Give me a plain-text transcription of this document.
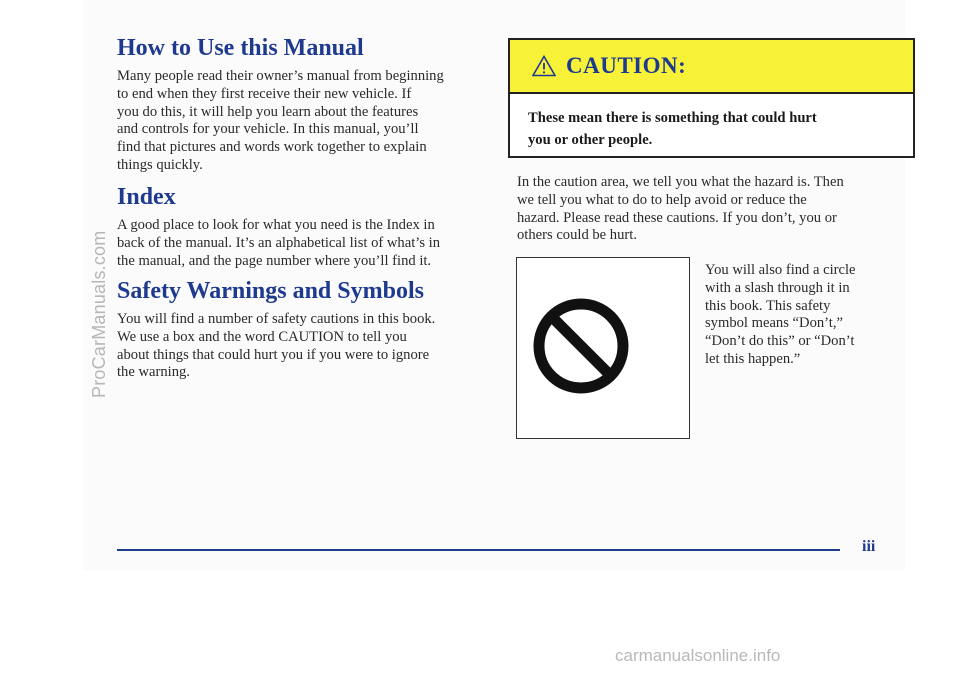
How to Use this Manual
Many people read their owner’s manual from beginning
to end when they first receive their new vehicle. If
you do this, it will help you learn about the features
and controls for your vehicle. In this manual, you’ll
find that pictures and words work together to explain
things quickly.
Index
A good place to look for what you need is the Index in
back of the manual. It’s an alphabetical list of what’s in
the manual, and the page number where you’ll find it.
Safety Warnings and Symbols
You will find a number of safety cautions in this book.
We use a box and the word CAUTION to tell you
about things that could hurt you if you were to ignore
the warning.
CAUTION:
These mean there is something that could hurt
you or other people.
In the caution area, we tell you what the hazard is. Then
we tell you what to do to help avoid or reduce the
hazard. Please read these cautions. If you don’t, you or
others could be hurt.
You will also find a circle
with a slash through it in
this book. This safety
symbol means “Don’t,”
“Don’t do this” or “Don’t
let this happen.”
iii
ProCarManuals.com
carmanualsonline.info
